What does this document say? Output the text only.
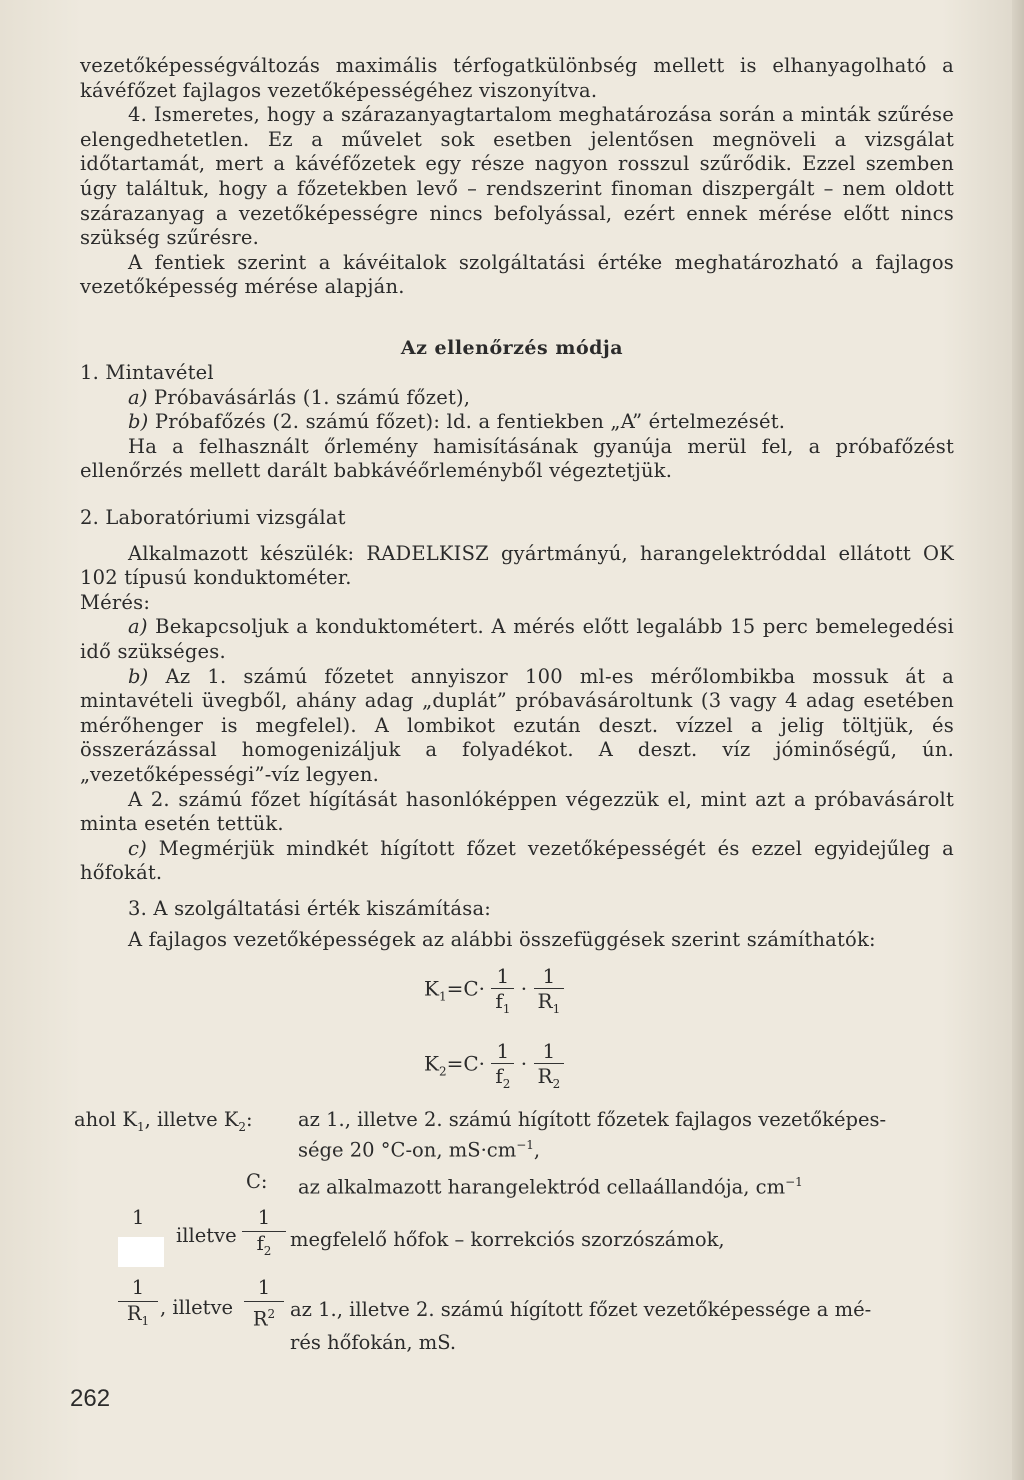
vezetőképességváltozás maximális térfogatkülönbség mellett is elhanyagolható a kávéfőzet fajlagos vezetőképességéhez viszonyítva.

4. Ismeretes, hogy a szárazanyagtartalom meghatározása során a minták szűrése elengedhetetlen. Ez a művelet sok esetben jelentősen megnöveli a vizsgálat időtartamát, mert a kávéfőzetek egy része nagyon rosszul szűrődik. Ezzel szemben úgy találtuk, hogy a főzetekben levő – rendszerint finoman diszpergált – nem oldott szárazanyag a vezetőképességre nincs befolyással, ezért ennek mérése előtt nincs szükség szűrésre.

A fentiek szerint a kávéitalok szolgáltatási értéke meghatározható a fajlagos vezetőképesség mérése alapján.

Az ellenőrzés módja

1. Mintavétel

a) Próbavásárlás (1. számú főzet),

b) Próbafőzés (2. számú főzet): ld. a fentiekben „A” értelmezését.

Ha a felhasznált őrlemény hamisításának gyanúja merül fel, a próbafőzést ellenőrzés mellett darált babkávéőrleményből végeztetjük.

2. Laboratóriumi vizsgálat

Alkalmazott készülék: RADELKISZ gyártmányú, harangelektróddal ellátott OK 102 típusú konduktométer.

Mérés:

a) Bekapcsoljuk a konduktométert. A mérés előtt legalább 15 perc bemelegedési idő szükséges.

b) Az 1. számú főzetet annyiszor 100 ml-es mérőlombikba mossuk át a mintavételi üvegből, ahány adag „duplát” próbavásároltunk (3 vagy 4 adag esetében mérőhenger is megfelel). A lombikot ezután deszt. vízzel a jelig töltjük, és összerázással homogenizáljuk a folyadékot. A deszt. víz jóminőségű, ún. „vezetőképességi”-víz legyen.

A 2. számú főzet hígítását hasonlóképpen végezzük el, mint azt a próbavásárolt minta esetén tettük.

c) Megmérjük mindkét hígított főzet vezetőképességét és ezzel egyidejűleg a hőfokát.

3. A szolgáltatási érték kiszámítása:

A fajlagos vezetőképességek az alábbi összefüggések szerint számíthatók:

$K_1=C\cdot \frac{1}{f_1} \cdot \frac{1}{R_1}$
$K_2=C\cdot \frac{1}{f_2} \cdot \frac{1}{R_2}$
ahol $K_1$, illetve $K_2$: az 1., illetve 2. számú hígított főzetek fajlagos vezetőképes-
sége 20 °C-on, $mS\cdot cm^{-1}$,
C: az alkalmazott harangelektród cellaállandója, $cm^{-1}$
1
illetve $\frac{1}{f_2}$ megfelelő hőfok – korrekciós szorzószámok,
$\frac{1}{R_1}$ , illetve $\frac{1}{R^2}$ az 1., illetve 2. számú hígított főzet vezetőképessége a mé-
rés hőfokán, mS.
262
